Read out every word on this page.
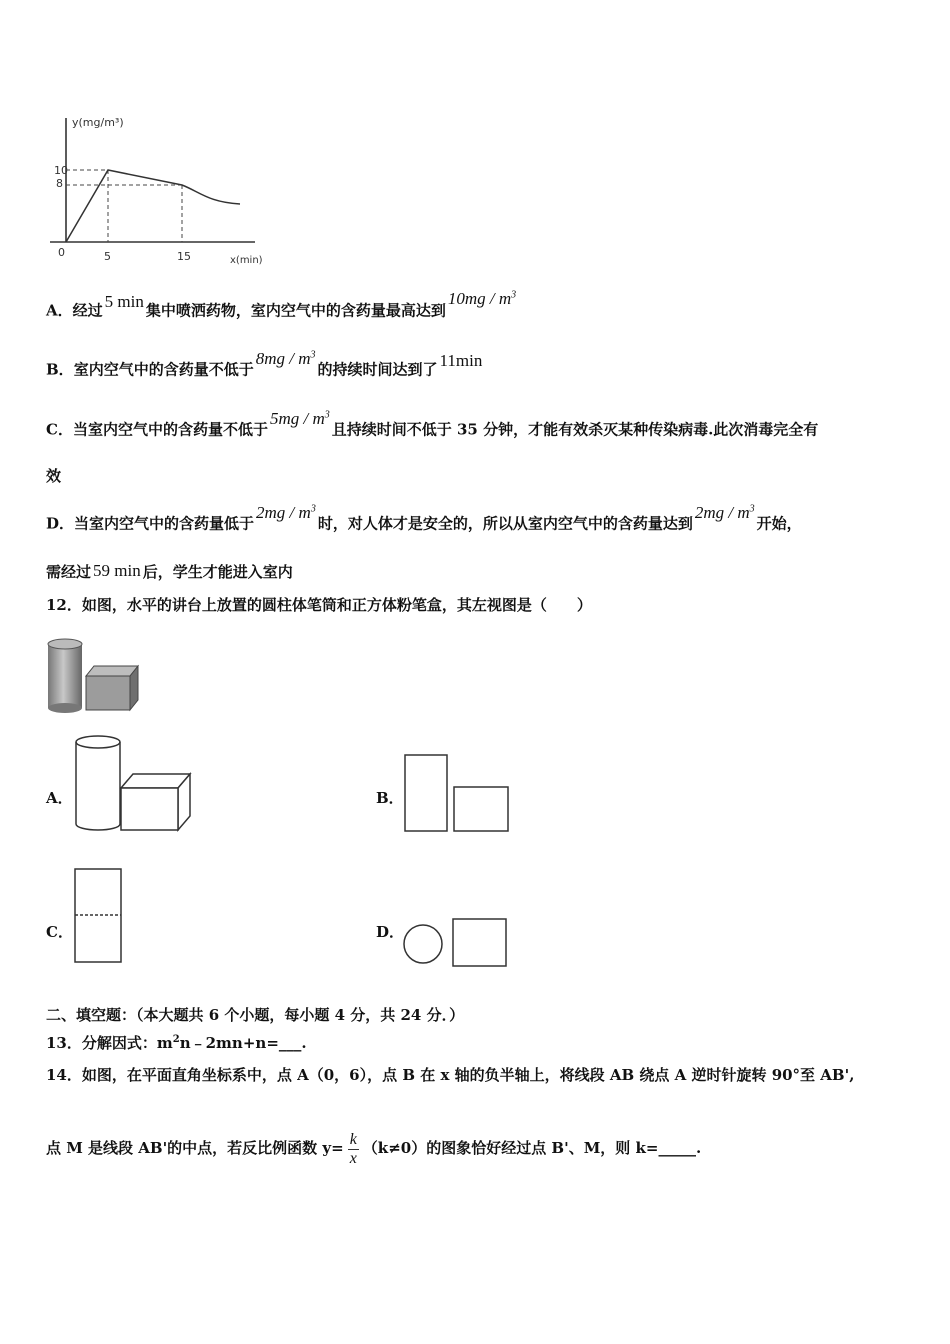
y(mg/m³)
10
8
0	5	15	x(min)
A．经过 5 min 集中喷洒药物，室内空气中的含药量最高达到$10mg / m^3$
B．室内空气中的含药量不低于$8mg / m^3$的持续时间达到了 11min
C．当室内空气中的含药量不低于$5mg / m^3$且持续时间不低于 35 分钟，才能有效杀灭某种传染病毒.此次消毒完全有
效
D．当室内空气中的含药量低于$2mg / m^3$时，对人体才是安全的，所以从室内空气中的含药量达到$2mg / m^3$开始，
需经过 59 min 后，学生才能进入室内
12．如图，水平的讲台上放置的圆柱体笔筒和正方体粉笔盒，其左视图是（　　）
A．	B．
C．	D．
二、填空题：（本大题共 6 个小题，每小题 4 分，共 24 分．）
13．分解因式：$m^2n﹣2mn+n=\_\_\_$.
14．如图，在平面直角坐标系中，点 A（0，6），点 B 在 x 轴的负半轴上，将线段 AB 绕点 A 逆时针旋转 90°至 AB',
点 M 是线段 AB'的中点，若反比例函数 $y= \frac{k}{x} (k\ne 0)$的图象恰好经过点 B'、M，则 k=_____.
